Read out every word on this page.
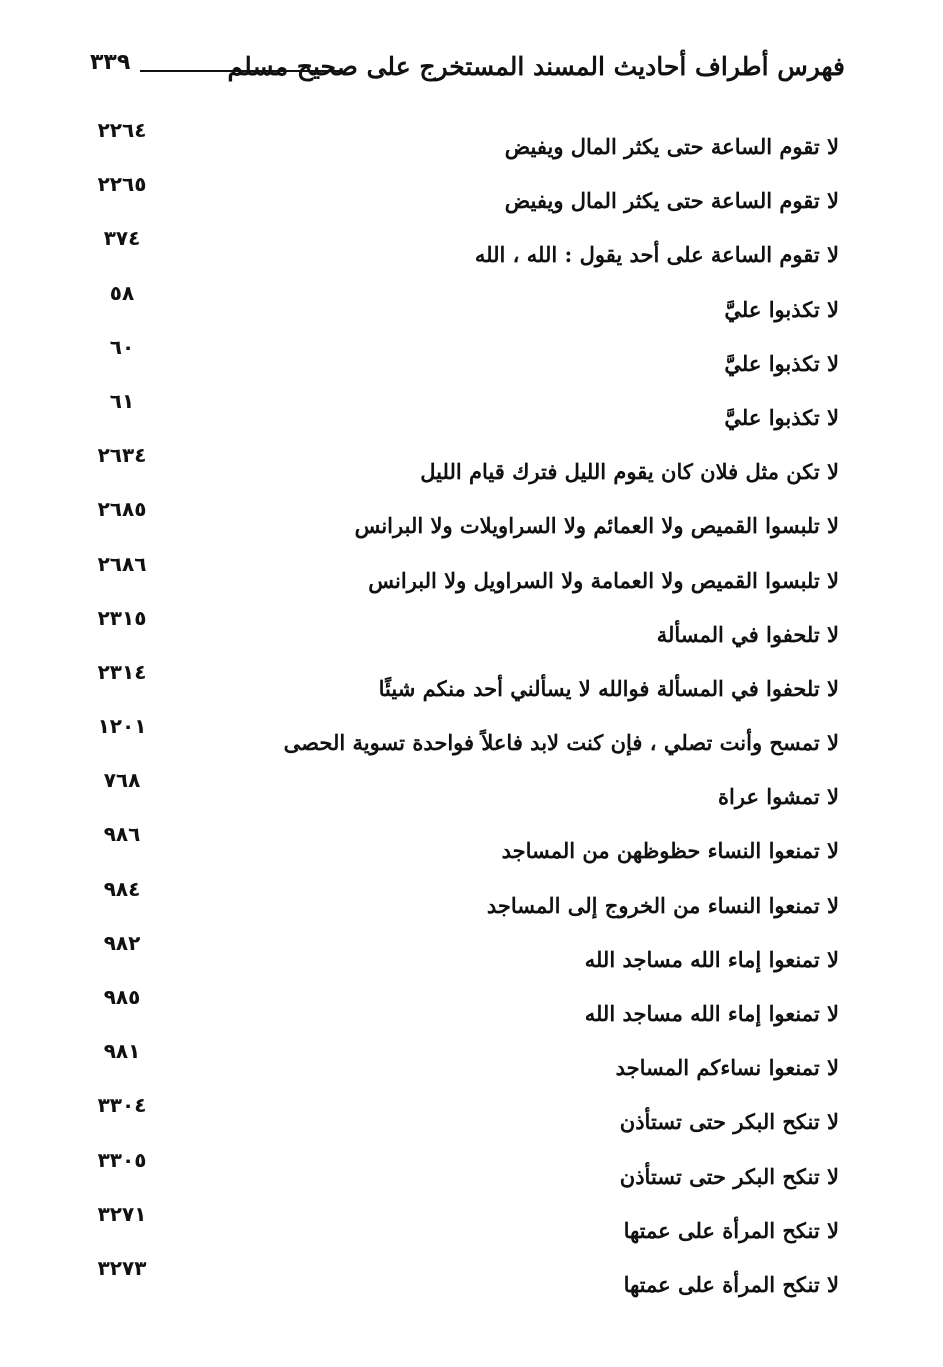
فهرس أطراف أحاديث المسند المستخرج على صحيح مسلم
٣٣٩
لا تقوم الساعة حتى يكثر المال ويفيض
٢٢٦٤
لا تقوم الساعة حتى يكثر المال ويفيض
٢٢٦٥
لا تقوم الساعة على أحد يقول : الله ، الله
٣٧٤
لا تكذبوا عليَّ
٥٨
لا تكذبوا عليَّ
٦٠
لا تكذبوا عليَّ
٦١
لا تكن مثل فلان كان يقوم الليل فترك قيام الليل
٢٦٣٤
لا تلبسوا القميص ولا العمائم ولا السراويلات ولا البرانس
٢٦٨٥
لا تلبسوا القميص ولا العمامة ولا السراويل ولا البرانس
٢٦٨٦
لا تلحفوا في المسألة
٢٣١٥
لا تلحفوا في المسألة فوالله لا يسألني أحد منكم شيئًا
٢٣١٤
لا تمسح وأنت تصلي ، فإن كنت لابد فاعلاً فواحدة تسوية الحصى
١٢٠١
لا تمشوا عراة
٧٦٨
لا تمنعوا النساء حظوظهن من المساجد
٩٨٦
لا تمنعوا النساء من الخروج إلى المساجد
٩٨٤
لا تمنعوا إماء الله مساجد الله
٩٨٢
لا تمنعوا إماء الله مساجد الله
٩٨٥
لا تمنعوا نساءكم المساجد
٩٨١
لا تنكح البكر حتى تستأذن
٣٣٠٤
لا تنكح البكر حتى تستأذن
٣٣٠٥
لا تنكح المرأة على عمتها
٣٢٧١
لا تنكح المرأة على عمتها
٣٢٧٣
